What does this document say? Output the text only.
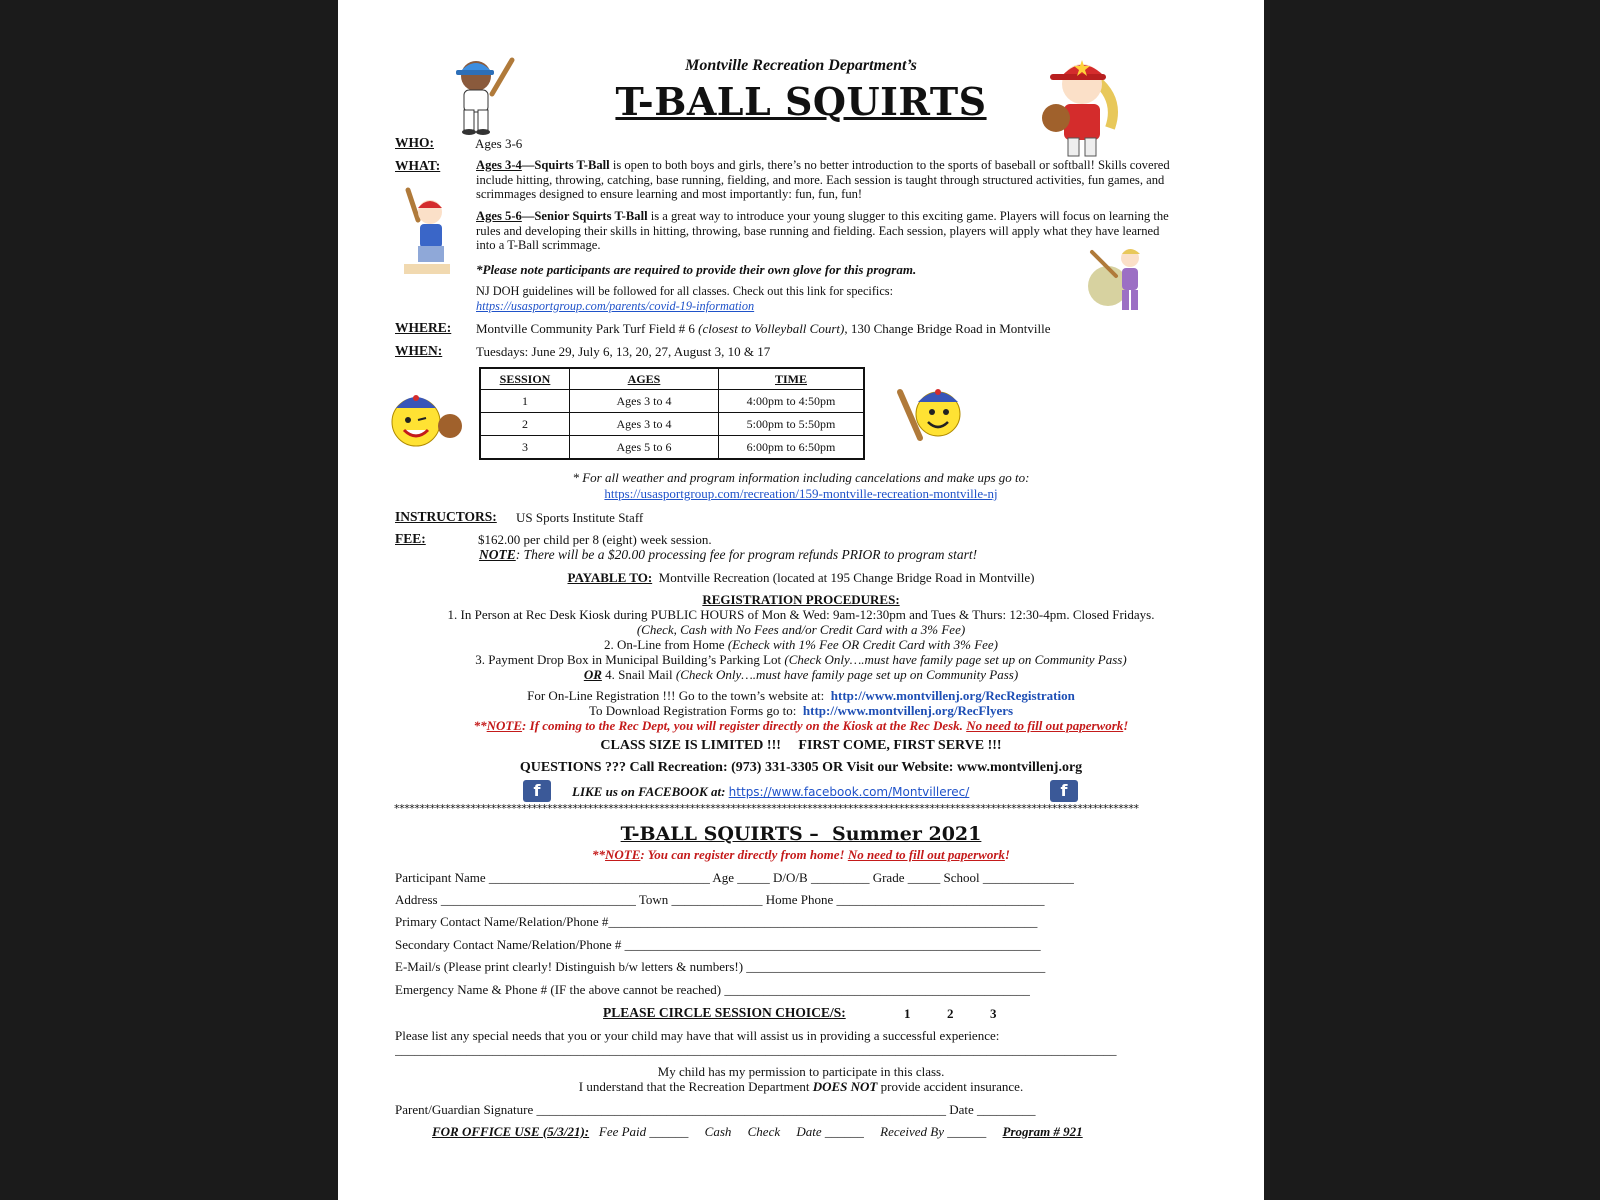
Montville Recreation Department’s
T-BALL SQUIRTS
WHO:	Ages 3-6
WHAT:	Ages 3-4—Squirts T-Ball is open to both boys and girls, there’s no better introduction to the sports of baseball or softball! Skills covered include hitting, throwing, catching, base running, fielding, and more. Each session is taught through structured activities, fun games, and scrimmages designed to ensure learning and most importantly: fun, fun, fun!
Ages 5-6—Senior Squirts T-Ball is a great way to introduce your young slugger to this exciting game. Players will focus on learning the rules and developing their skills in hitting, throwing, base running and fielding. Each session, players will apply what they have learned into a T-Ball scrimmage.
*Please note participants are required to provide their own glove for this program.
NJ DOH guidelines will be followed for all classes. Check out this link for specifics:
https://usasportgroup.com/parents/covid-19-information
WHERE: Montville Community Park Turf Field # 6 (closest to Volleyball Court), 130 Change Bridge Road in Montville
WHEN:	Tuesdays: June 29, July 6, 13, 20, 27, August 3, 10 & 17
SESSION	AGES	TIME
1	Ages 3 to 4	4:00pm to 4:50pm
2	Ages 3 to 4	5:00pm to 5:50pm
3	Ages 5 to 6	6:00pm to 6:50pm
* For all weather and program information including cancelations and make ups go to:
https://usasportgroup.com/recreation/159-montville-recreation-montville-nj
INSTRUCTORS: US Sports Institute Staff
FEE:	$162.00 per child per 8 (eight) week session.
NOTE: There will be a $20.00 processing fee for program refunds PRIOR to program start!
PAYABLE TO: Montville Recreation (located at 195 Change Bridge Road in Montville)
REGISTRATION PROCEDURES:
1. In Person at Rec Desk Kiosk during PUBLIC HOURS of Mon & Wed: 9am-12:30pm and Tues & Thurs: 12:30-4pm. Closed Fridays.
(Check, Cash with No Fees and/or Credit Card with a 3% Fee)
2. On-Line from Home (Echeck with 1% Fee OR Credit Card with 3% Fee)
3. Payment Drop Box in Municipal Building’s Parking Lot (Check Only….must have family page set up on Community Pass)
OR 4. Snail Mail (Check Only….must have family page set up on Community Pass)
For On-Line Registration !!! Go to the town’s website at: http://www.montvillenj.org/RecRegistration
To Download Registration Forms go to: http://www.montvillenj.org/RecFlyers
**NOTE: If coming to the Rec Dept, you will register directly on the Kiosk at the Rec Desk. No need to fill out paperwork!
CLASS SIZE IS LIMITED !!!     FIRST COME, FIRST SERVE !!!
QUESTIONS ??? Call Recreation: (973) 331-3305 OR Visit our Website: www.montvillenj.org
f	LIKE us on FACEBOOK at: https://www.facebook.com/Montvillerec/	f
**************************************************************************************************************************************************
T-BALL SQUIRTS –  Summer 2021
**NOTE: You can register directly from home! No need to fill out paperwork!
Participant Name __________________________________ Age _____ D/O/B _________ Grade _____ School ______________
Address ______________________________ Town ______________ Home Phone ________________________________
Primary Contact Name/Relation/Phone #__________________________________________________________________
Secondary Contact Name/Relation/Phone # ________________________________________________________________
E-Mail/s (Please print clearly! Distinguish b/w letters & numbers!) ______________________________________________
Emergency Name & Phone # (IF the above cannot be reached) _______________________________________________
PLEASE CIRCLE SESSION CHOICE/S:	1	2	3
Please list any special needs that you or your child may have that will assist us in providing a successful experience:
_______________________________________________________________________________________________________________
My child has my permission to participate in this class.
I understand that the Recreation Department DOES NOT provide accident insurance.
Parent/Guardian Signature _______________________________________________________________ Date _________
FOR OFFICE USE (5/3/21): Fee Paid ______     Cash     Check     Date ______     Received By ______ Program # 921
